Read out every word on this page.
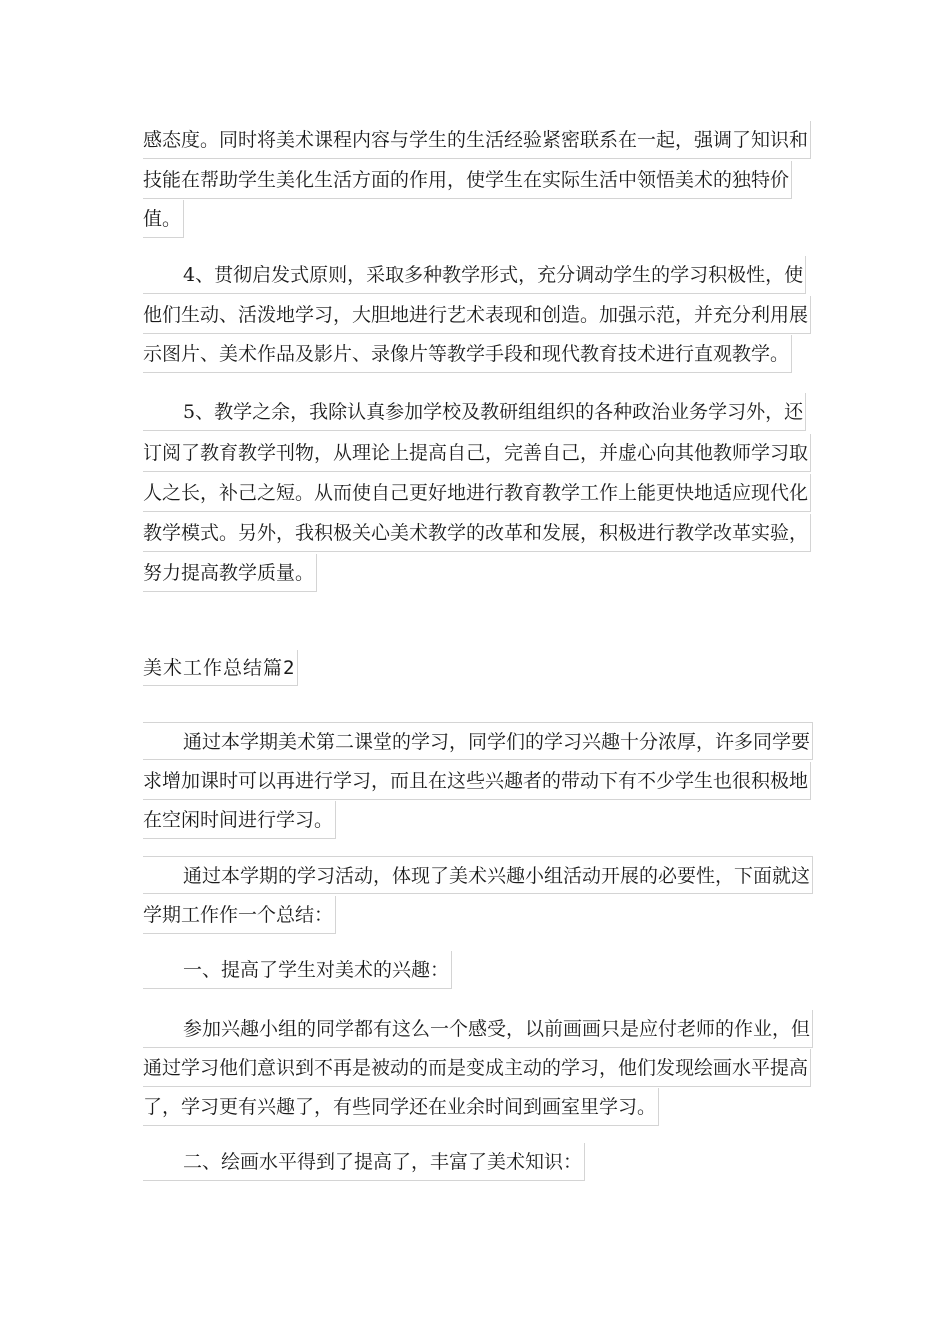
感态度。同时将美术课程内容与学生的生活经验紧密联系在一起，强调了知识和
技能在帮助学生美化生活方面的作用，使学生在实际生活中领悟美术的独特价
值。
4、贯彻启发式原则，采取多种教学形式，充分调动学生的学习积极性，使
他们生动、活泼地学习，大胆地进行艺术表现和创造。加强示范，并充分利用展
示图片、美术作品及影片、录像片等教学手段和现代教育技术进行直观教学。
5、教学之余，我除认真参加学校及教研组组织的各种政治业务学习外，还
订阅了教育教学刊物，从理论上提高自己，完善自己，并虚心向其他教师学习取
人之长，补己之短。从而使自己更好地进行教育教学工作上能更快地适应现代化
教学模式。另外，我积极关心美术教学的改革和发展，积极进行教学改革实验，
努力提高教学质量。
美术工作总结篇2
通过本学期美术第二课堂的学习，同学们的学习兴趣十分浓厚，许多同学要
求增加课时可以再进行学习，而且在这些兴趣者的带动下有不少学生也很积极地
在空闲时间进行学习。
通过本学期的学习活动，体现了美术兴趣小组活动开展的必要性，下面就这
学期工作作一个总结：
一、提高了学生对美术的兴趣：
参加兴趣小组的同学都有这么一个感受，以前画画只是应付老师的作业，但
通过学习他们意识到不再是被动的而是变成主动的学习，他们发现绘画水平提高
了，学习更有兴趣了，有些同学还在业余时间到画室里学习。
二、绘画水平得到了提高了，丰富了美术知识：
